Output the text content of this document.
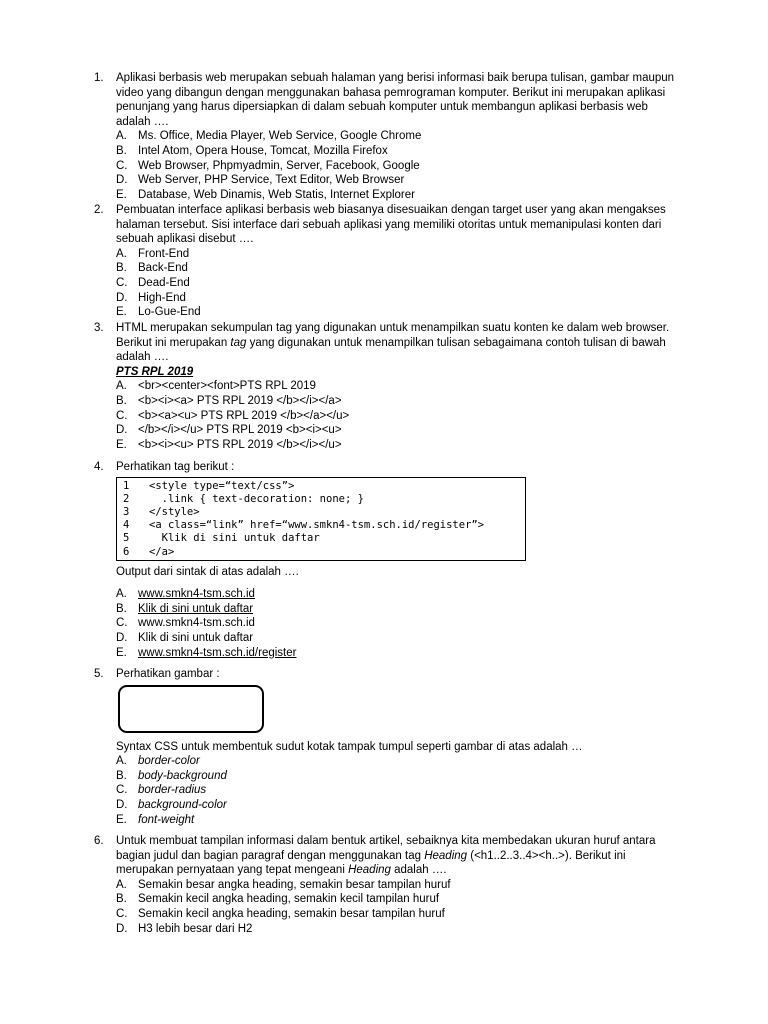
1.	Aplikasi berbasis web merupakan sebuah halaman yang berisi informasi baik berupa tulisan, gambar maupun video yang dibangun dengan menggunakan bahasa pemrograman komputer. Berikut ini merupakan aplikasi penunjang yang harus dipersiapkan di dalam sebuah komputer untuk membangun aplikasi berbasis web adalah ….
A. Ms. Office, Media Player, Web Service, Google Chrome
B. Intel Atom, Opera House, Tomcat, Mozilla Firefox
C. Web Browser, Phpmyadmin, Server, Facebook, Google
D. Web Server, PHP Service, Text Editor, Web Browser
E. Database, Web Dinamis, Web Statis, Internet Explorer
2.	Pembuatan interface aplikasi berbasis web biasanya disesuaikan dengan target user yang akan mengakses halaman tersebut. Sisi interface dari sebuah aplikasi yang memiliki otoritas untuk memanipulasi konten dari sebuah aplikasi disebut ….
A. Front-End
B. Back-End
C. Dead-End
D. High-End
E. Lo-Gue-End
3.	HTML merupakan sekumpulan tag yang digunakan untuk menampilkan suatu konten ke dalam web browser. Berikut ini merupakan tag yang digunakan untuk menampilkan tulisan sebagaimana contoh tulisan di bawah adalah ….
PTS RPL 2019
A. <br><center><font>PTS RPL 2019
B. <b><i><a> PTS RPL 2019 </b></i></a>
C. <b><a><u> PTS RPL 2019 </b></a></u>
D. </b></i></u> PTS RPL 2019 <b><i><u>
E. <b><i><u> PTS RPL 2019 </b></i></u>
4.	Perhatikan tag berikut :
1 <style type=“text/css”>
2  .link { text-decoration: none; }
3 </style>
4 <a class=“link” href=“www.smkn4-tsm.sch.id/register”>
5  Klik di sini untuk daftar
6 </a>
Output dari sintak di atas adalah ….
A. www.smkn4-tsm.sch.id
B. Klik di sini untuk daftar
C. www.smkn4-tsm.sch.id
D. Klik di sini untuk daftar
E. www.smkn4-tsm.sch.id/register
5.	Perhatikan gambar :
Syntax CSS untuk membentuk sudut kotak tampak tumpul seperti gambar di atas adalah …
A. border-color
B. body-background
C. border-radius
D. background-color
E. font-weight
6.	Untuk membuat tampilan informasi dalam bentuk artikel, sebaiknya kita membedakan ukuran huruf antara bagian judul dan bagian paragraf dengan menggunakan tag Heading (<h1..2..3..4><h..>). Berikut ini merupakan pernyataan yang tepat mengeani Heading adalah ….
A. Semakin besar angka heading, semakin besar tampilan huruf
B. Semakin kecil angka heading, semakin kecil tampilan huruf
C. Semakin kecil angka heading, semakin besar tampilan huruf
D. H3 lebih besar dari H2
